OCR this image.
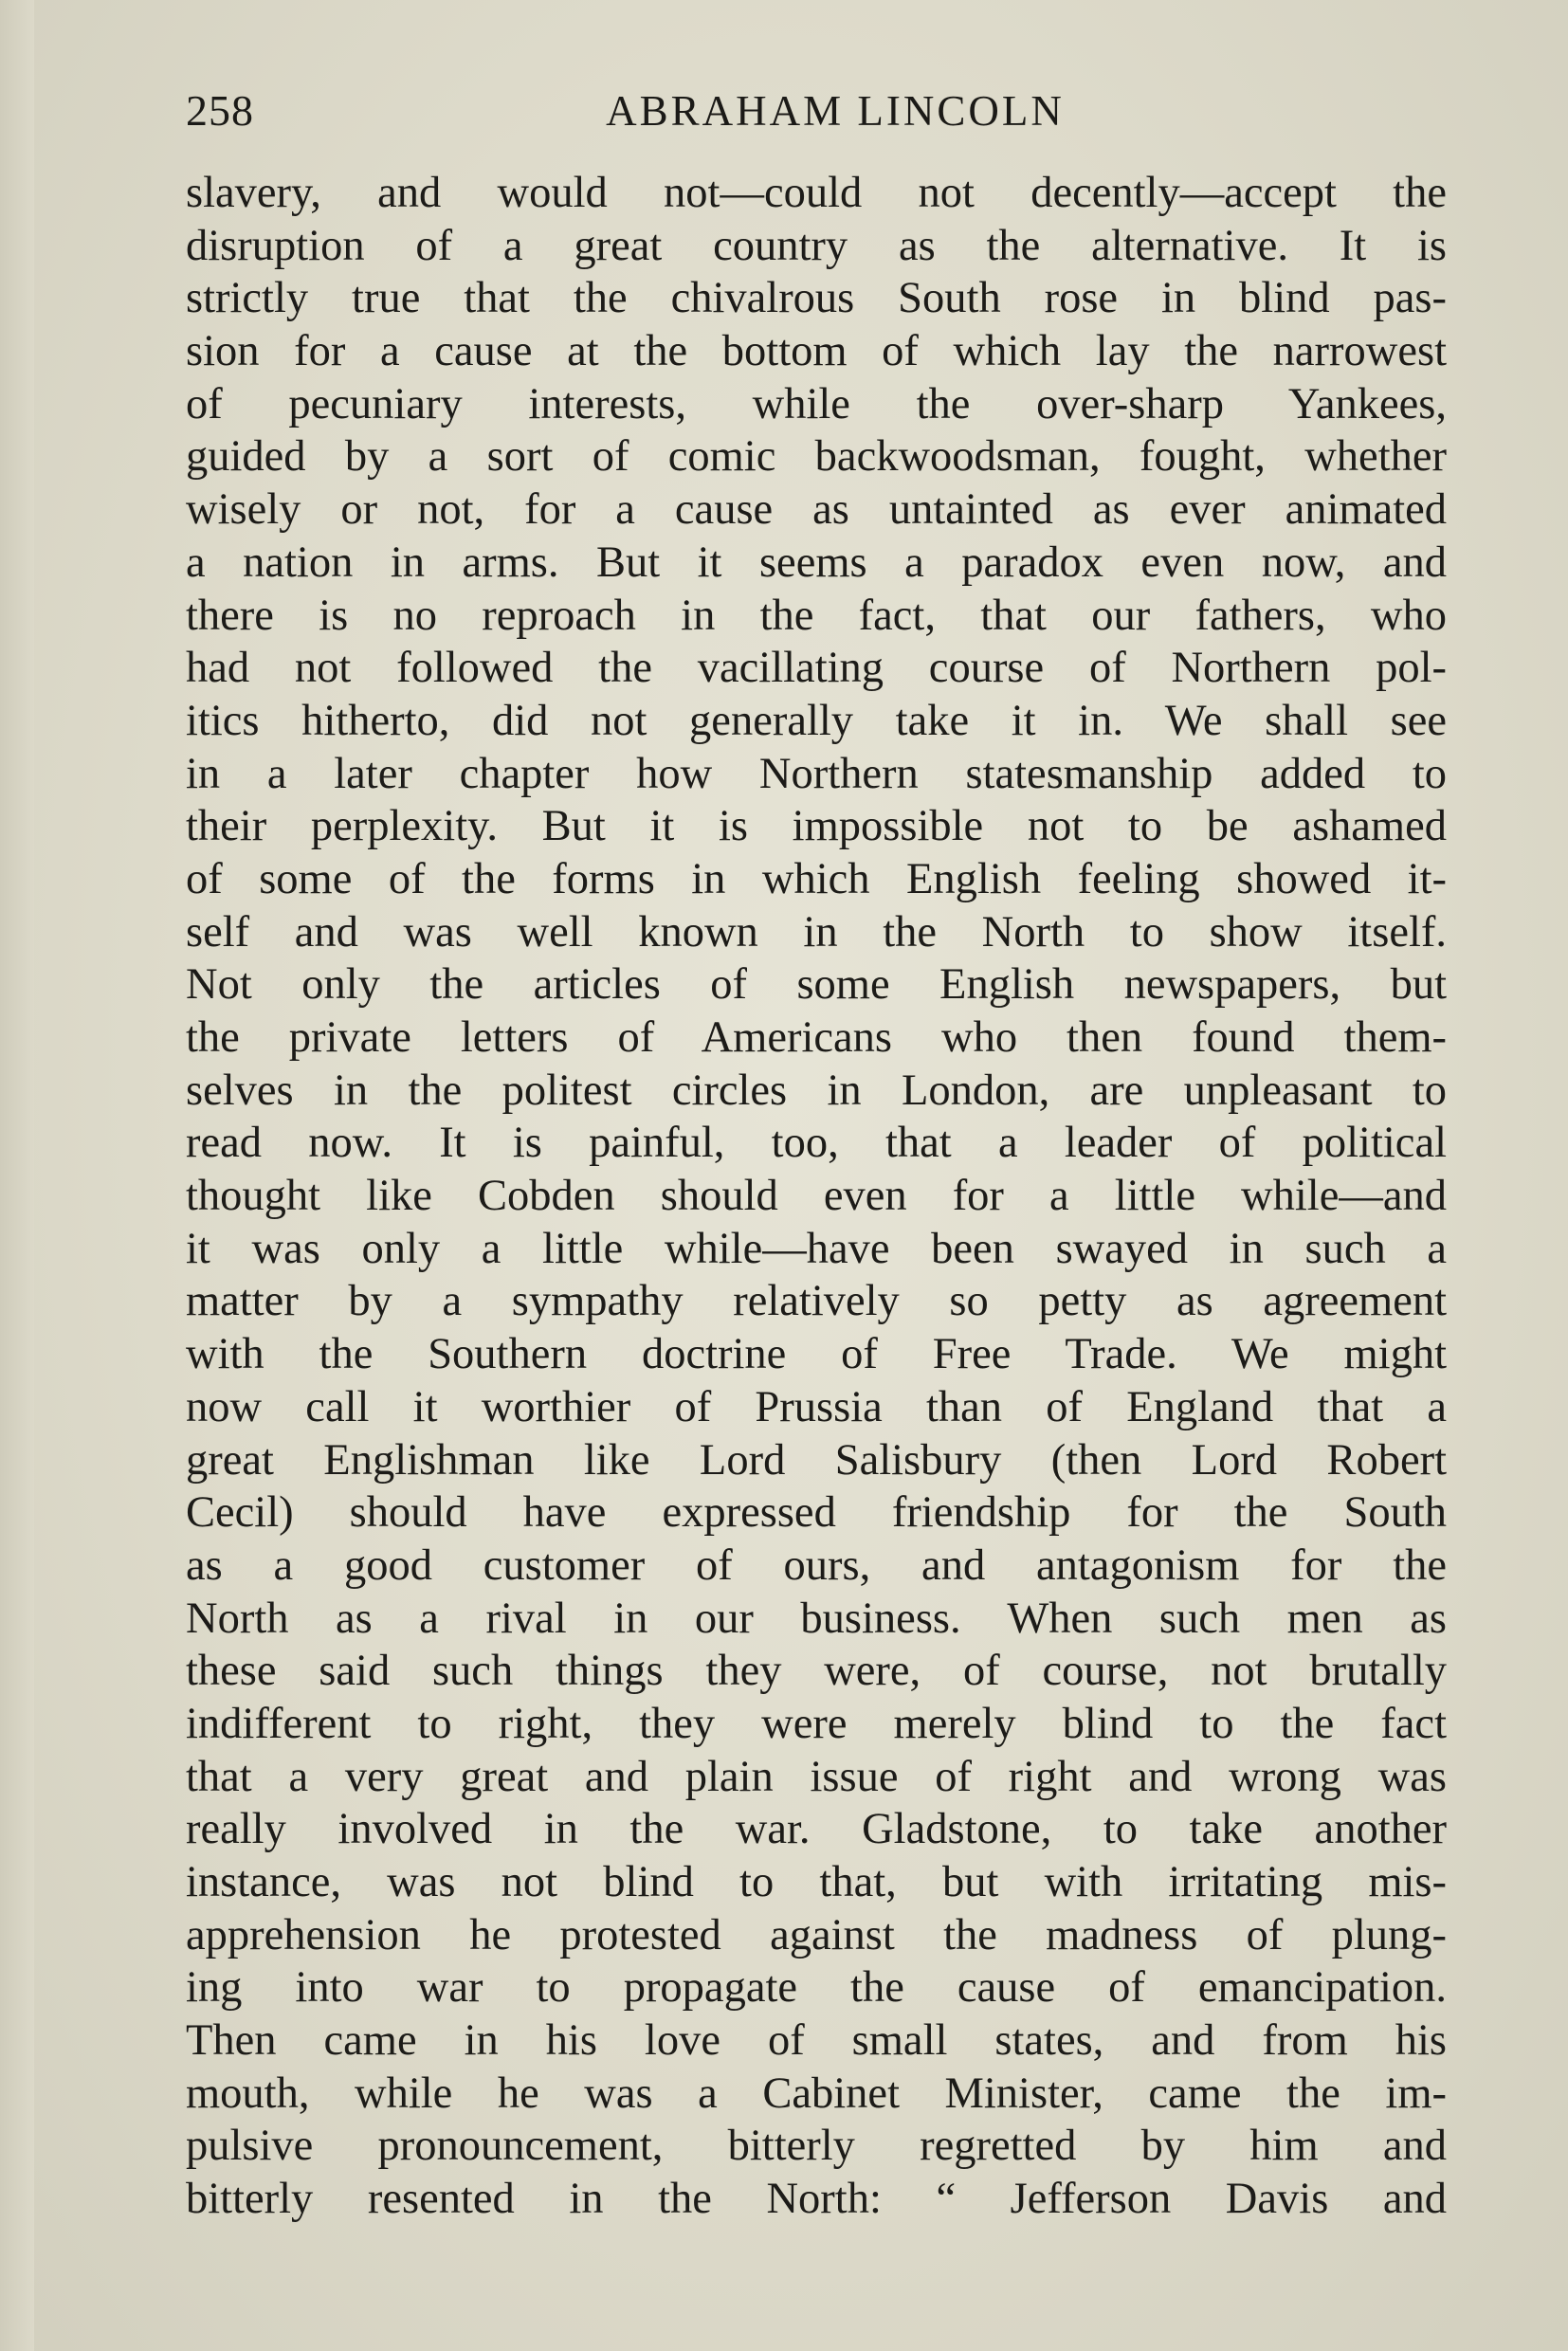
258	ABRAHAM LINCOLN
slavery, and would not—could not decently—accept the
disruption of a great country as the alternative. It is
strictly true that the chivalrous South rose in blind pas-
sion for a cause at the bottom of which lay the narrowest
of pecuniary interests, while the over-sharp Yankees,
guided by a sort of comic backwoodsman, fought, whether
wisely or not, for a cause as untainted as ever animated
a nation in arms. But it seems a paradox even now, and
there is no reproach in the fact, that our fathers, who
had not followed the vacillating course of Northern pol-
itics hitherto, did not generally take it in. We shall see
in a later chapter how Northern statesmanship added to
their perplexity. But it is impossible not to be ashamed
of some of the forms in which English feeling showed it-
self and was well known in the North to show itself.
Not only the articles of some English newspapers, but
the private letters of Americans who then found them-
selves in the politest circles in London, are unpleasant to
read now. It is painful, too, that a leader of political
thought like Cobden should even for a little while—and
it was only a little while—have been swayed in such a
matter by a sympathy relatively so petty as agreement
with the Southern doctrine of Free Trade. We might
now call it worthier of Prussia than of England that a
great Englishman like Lord Salisbury (then Lord Robert
Cecil) should have expressed friendship for the South
as a good customer of ours, and antagonism for the
North as a rival in our business. When such men as
these said such things they were, of course, not brutally
indifferent to right, they were merely blind to the fact
that a very great and plain issue of right and wrong was
really involved in the war. Gladstone, to take another
instance, was not blind to that, but with irritating mis-
apprehension he protested against the madness of plung-
ing into war to propagate the cause of emancipation.
Then came in his love of small states, and from his
mouth, while he was a Cabinet Minister, came the im-
pulsive pronouncement, bitterly regretted by him and
bitterly resented in the North: “ Jefferson Davis and
